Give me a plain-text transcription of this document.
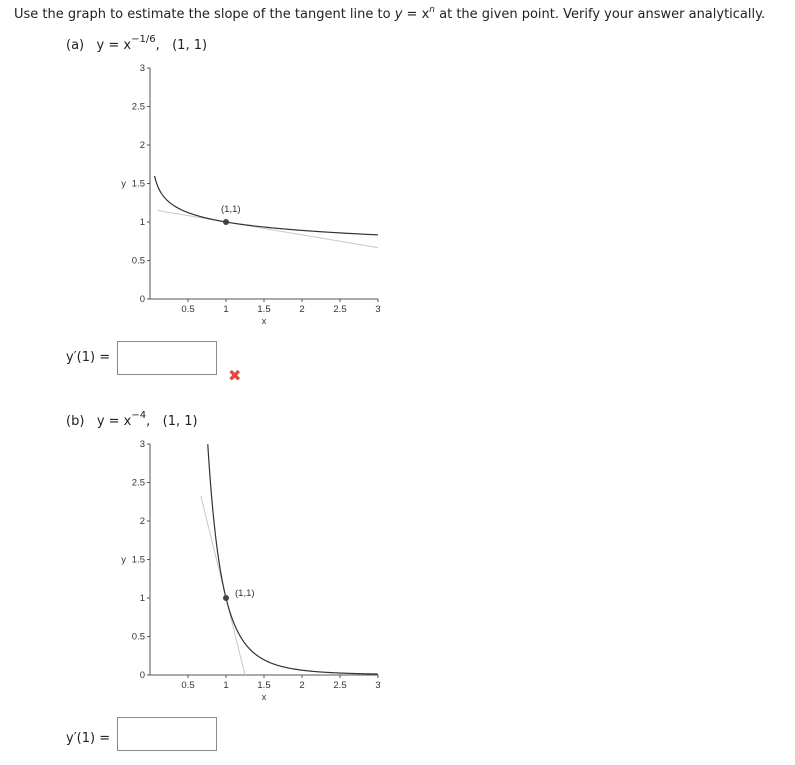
Use the graph to estimate the slope of the tangent line to $y = x^n$ at the given point. Verify your answer analytically.
(a) $y = x^{-1/6}$, (1, 1)
(1,1)
0
0.5
1
1.5
2
2.5
3
y
0.5	1	1.5	2	2.5	3
x
y′(1) =
✖
(b) $y = x^{-4}$, (1, 1)
(1,1)
0
0.5
1
1.5
2
2.5
3
y
0.5	1	1.5	2	2.5	3
x
y′(1) =
